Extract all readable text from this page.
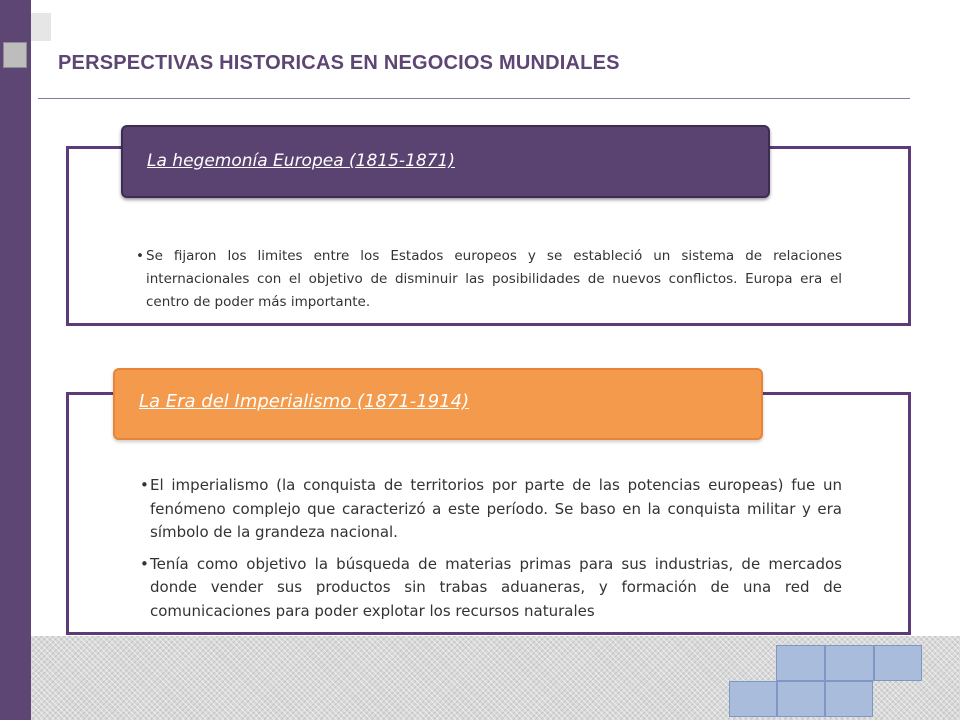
PERSPECTIVAS HISTORICAS EN NEGOCIOS MUNDIALES
La hegemonía Europea (1815-1871)
• Se fijaron los limites entre los Estados europeos y se estableció un sistema de relaciones internacionales con el objetivo de disminuir las posibilidades de nuevos conflictos. Europa era el centro de poder más importante.
La Era del Imperialismo (1871-1914)
• El imperialismo (la conquista de territorios por parte de las potencias europeas) fue un fenómeno complejo que caracterizó a este período. Se baso en la conquista militar y era símbolo de la grandeza nacional.
• Tenía como objetivo la búsqueda de materias primas para sus industrias, de mercados donde vender sus productos sin trabas aduaneras, y formación de una red de comunicaciones para poder explotar los recursos naturales
